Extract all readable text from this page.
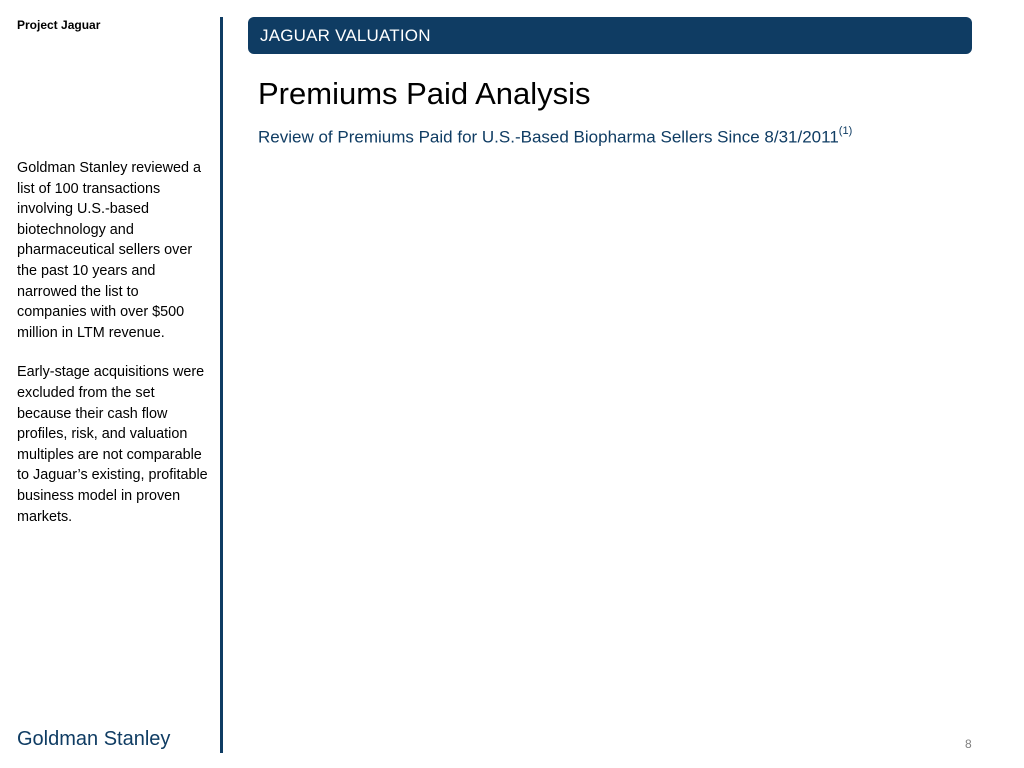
Project Jaguar
JAGUAR VALUATION
Premiums Paid Analysis
Review of Premiums Paid for U.S.-Based Biopharma Sellers Since 8/31/2011$^{(1)}$

Goldman Stanley reviewed a list of 100 transactions involving U.S.-based biotechnology and pharmaceutical sellers over the past 10 years and narrowed the list to companies with over $500 million in LTM revenue.

Early-stage acquisitions were excluded from the set because their cash flow profiles, risk, and valuation multiples are not comparable to Jaguar’s existing, profitable business model in proven markets.

Goldman Stanley	8
